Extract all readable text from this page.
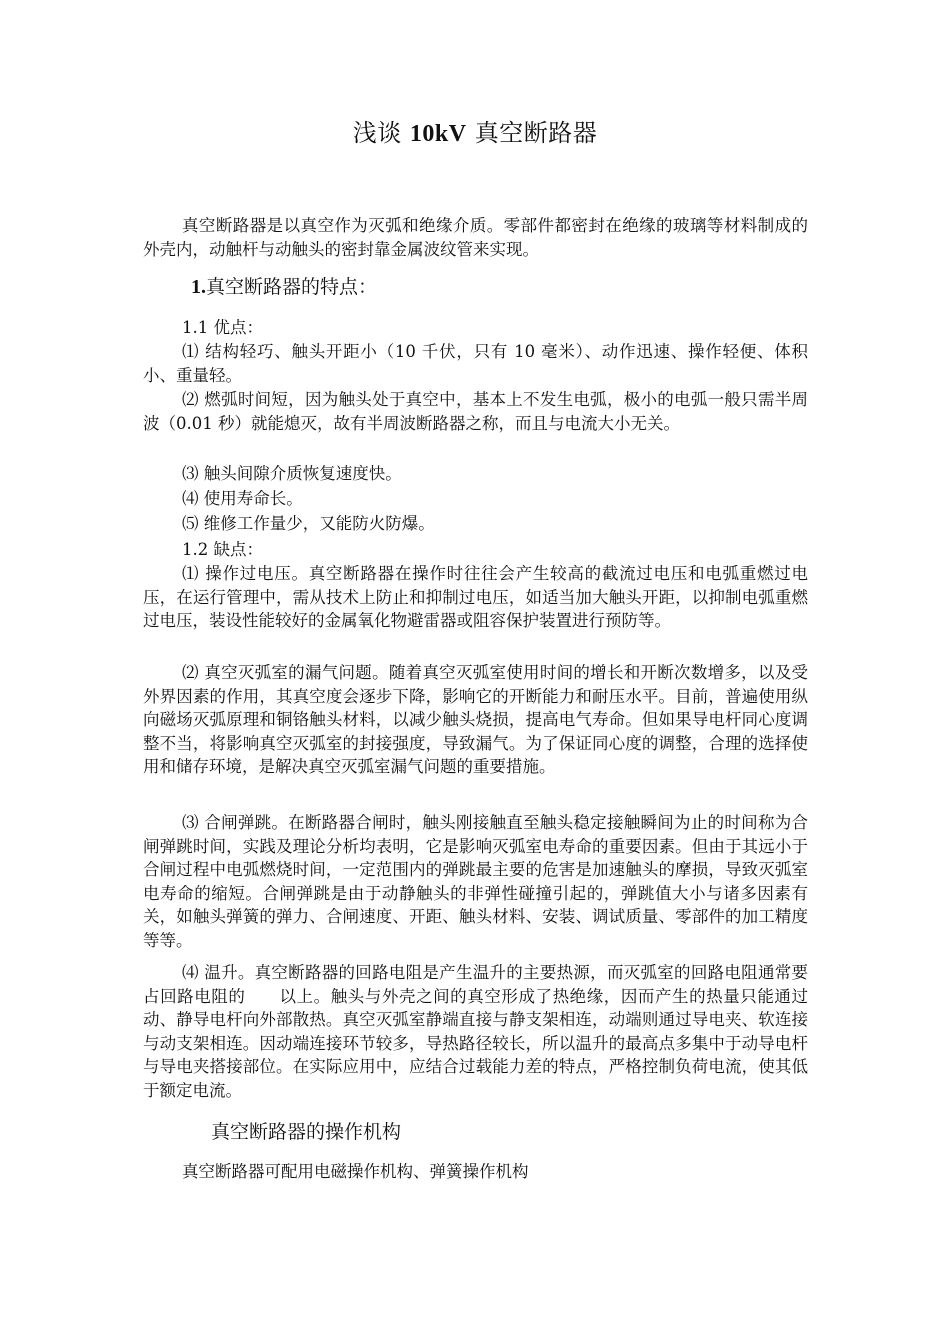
浅谈 10kV 真空断路器

真空断路器是以真空作为灭弧和绝缘介质。零部件都密封在绝缘的玻璃等材料制成的外壳内，动触杆与动触头的密封靠金属波纹管来实现。

1.真空断路器的特点：
1.1 优点：

⑴ 结构轻巧、触头开距小（10 千伏，只有 10 毫米）、动作迅速、操作轻便、体积小、重量轻。

⑵ 燃弧时间短，因为触头处于真空中，基本上不发生电弧，极小的电弧一般只需半周波（0.01 秒）就能熄灭，故有半周波断路器之称，而且与电流大小无关。

⑶ 触头间隙介质恢复速度快。

⑷ 使用寿命长。

⑸ 维修工作量少，又能防火防爆。

1.2 缺点：

⑴ 操作过电压。真空断路器在操作时往往会产生较高的截流过电压和电弧重燃过电压，在运行管理中，需从技术上防止和抑制过电压，如适当加大触头开距，以抑制电弧重燃过电压，装设性能较好的金属氧化物避雷器或阻容保护装置进行预防等。

⑵ 真空灭弧室的漏气问题。随着真空灭弧室使用时间的增长和开断次数增多，以及受外界因素的作用，其真空度会逐步下降，影响它的开断能力和耐压水平。目前，普遍使用纵向磁场灭弧原理和铜铬触头材料，以减少触头烧损，提高电气寿命。但如果导电杆同心度调整不当，将影响真空灭弧室的封接强度，导致漏气。为了保证同心度的调整，合理的选择使用和储存环境，是解决真空灭弧室漏气问题的重要措施。

⑶ 合闸弹跳。在断路器合闸时，触头刚接触直至触头稳定接触瞬间为止的时间称为合闸弹跳时间，实践及理论分析均表明，它是影响灭弧室电寿命的重要因素。但由于其远小于合闸过程中电弧燃烧时间，一定范围内的弹跳最主要的危害是加速触头的摩损，导致灭弧室电寿命的缩短。合闸弹跳是由于动静触头的非弹性碰撞引起的，弹跳值大小与诸多因素有关，如触头弹簧的弹力、合闸速度、开距、触头材料、安装、调试质量、零部件的加工精度等等。

⑷ 温升。真空断路器的回路电阻是产生温升的主要热源，而灭弧室的回路电阻通常要占回路电阻的　　以上。触头与外壳之间的真空形成了热绝缘，因而产生的热量只能通过动、静导电杆向外部散热。真空灭弧室静端直接与静支架相连，动端则通过导电夹、软连接与动支架相连。因动端连接环节较多，导热路径较长，所以温升的最高点多集中于动导电杆与导电夹搭接部位。在实际应用中，应结合过载能力差的特点，严格控制负荷电流，使其低于额定电流。

真空断路器的操作机构
真空断路器可配用电磁操作机构、弹簧操作机构
